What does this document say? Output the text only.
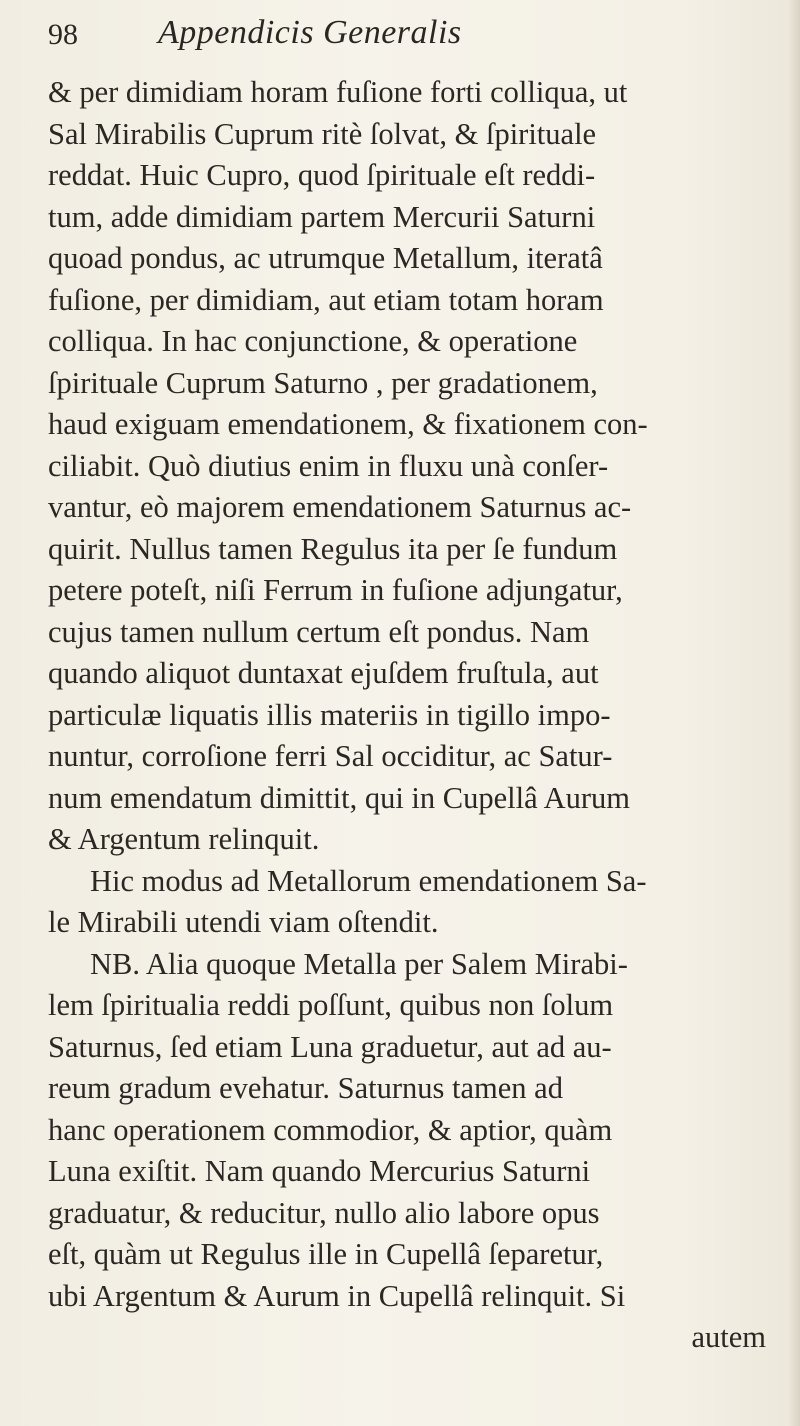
98 Appendicis Generalis
& per dimidiam horam fuſione forti colliqua, ut
Sal Mirabilis Cuprum ritè ſolvat, & ſpirituale
reddat. Huic Cupro, quod ſpirituale eſt reddi-
tum, adde dimidiam partem Mercurii Saturni
quoad pondus, ac utrumque Metallum, iteratâ
fuſione, per dimidiam, aut etiam totam horam
colliqua. In hac conjunctione, & operatione
ſpirituale Cuprum Saturno , per gradationem,
haud exiguam emendationem, & fixationem con-
ciliabit. Quò diutius enim in fluxu unà conſer-
vantur, eò majorem emendationem Saturnus ac-
quirit. Nullus tamen Regulus ita per ſe fundum
petere poteſt, niſi Ferrum in fuſione adjungatur,
cujus tamen nullum certum eſt pondus. Nam
quando aliquot duntaxat ejuſdem fruſtula, aut
particulæ liquatis illis materiis in tigillo impo-
nuntur, corroſione ferri Sal occiditur, ac Satur-
num emendatum dimittit, qui in Cupellâ Aurum
& Argentum relinquit.
Hic modus ad Metallorum emendationem Sa-
le Mirabili utendi viam oſtendit.
NB. Alia quoque Metalla per Salem Mirabi-
lem ſpiritualia reddi poſſunt, quibus non ſolum
Saturnus, ſed etiam Luna graduetur, aut ad au-
reum gradum evehatur. Saturnus tamen ad
hanc operationem commodior, & aptior, quàm
Luna exiſtit. Nam quando Mercurius Saturni
graduatur, & reducitur, nullo alio labore opus
eſt, quàm ut Regulus ille in Cupellâ ſeparetur,
ubi Argentum & Aurum in Cupellâ relinquit. Si
autem
